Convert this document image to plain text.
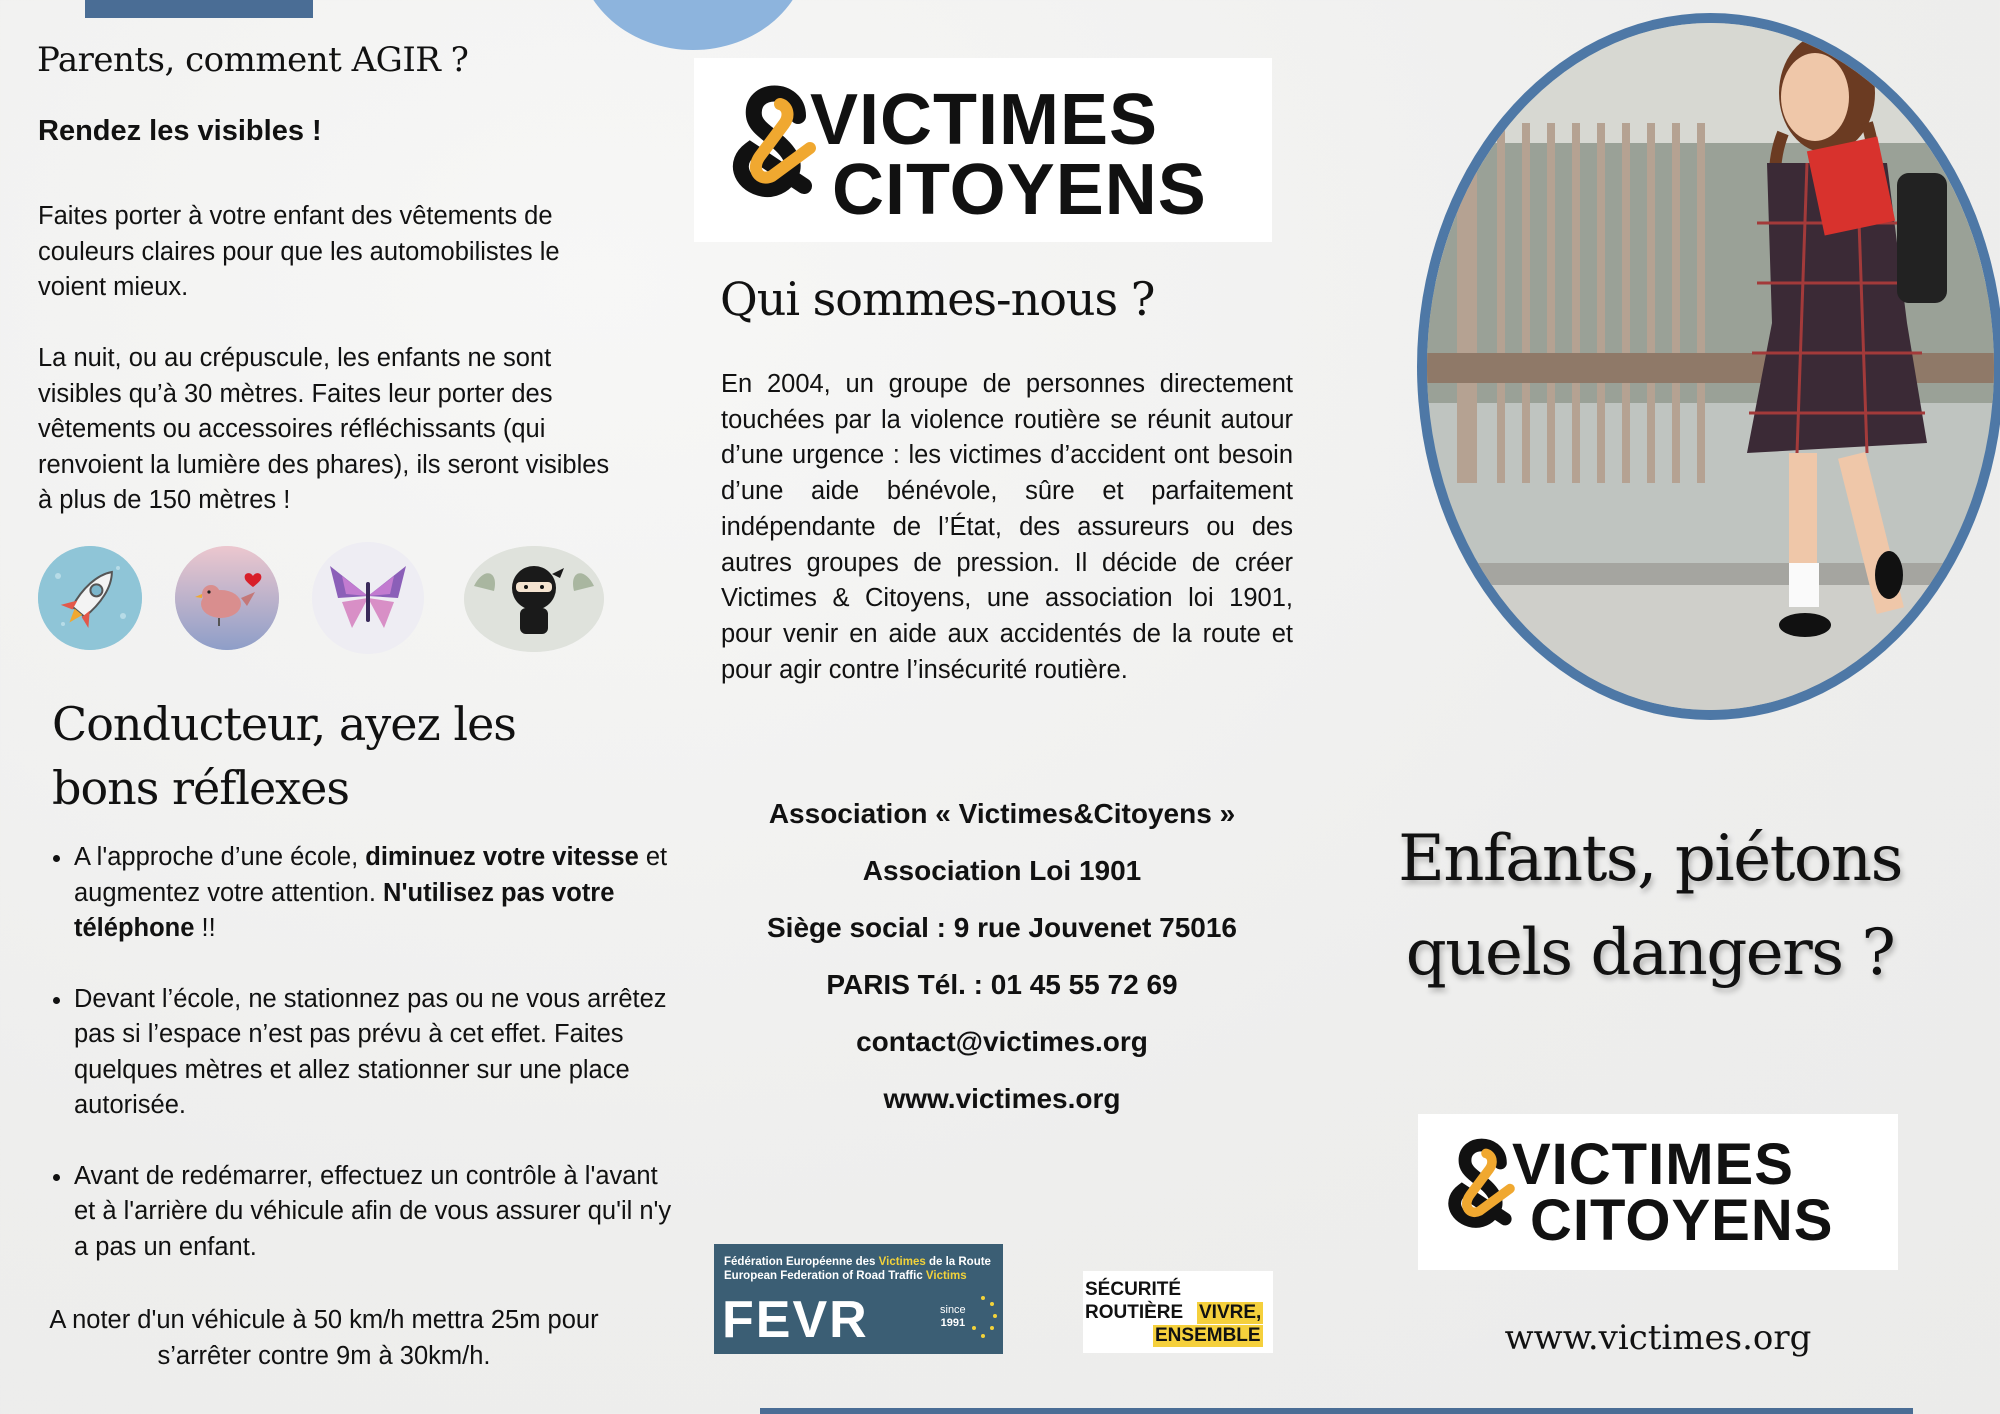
Parents, comment AGIR ?
Rendez les visibles !
Faites porter à votre enfant des vêtements de couleurs claires pour que les automobilistes le voient mieux.
La nuit, ou au crépuscule, les enfants ne sont visibles qu’à 30 mètres. Faites leur porter des vêtements ou accessoires réfléchissants (qui renvoient la lumière des phares), ils seront visibles à plus de 150 mètres !
Conducteur, ayez les
bons réflexes
• A l'approche d’une école, diminuez votre vitesse et augmentez votre attention. N'utilisez pas votre téléphone !!
• Devant l’école, ne stationnez pas ou ne vous arrêtez pas si l’espace n’est pas prévu à cet effet. Faites quelques mètres et allez stationner sur une place autorisée.
• Avant de redémarrer, effectuez un contrôle à l'avant et à l'arrière du véhicule afin de vous assurer qu'il n'y a pas un enfant.
A noter d'un véhicule à 50 km/h mettra 25m pour s’arrêter contre 9m à 30km/h.
VICTIMES
CITOYENS
Qui sommes-nous ?
En 2004, un groupe de personnes directement touchées par la violence routière se réunit autour d’une urgence : les victimes d’accident ont besoin d’une aide bénévole, sûre et parfaitement indépendante de l’État, des assureurs ou des autres groupes de pression. Il décide de créer Victimes & Citoyens, une association loi 1901, pour venir en aide aux accidentés de la route et pour agir contre l’insécurité routière.
Association « Victimes&Citoyens »
Association Loi 1901
Siège social : 9 rue Jouvenet 75016
PARIS Tél. : 01 45 55 72 69
contact@victimes.org
www.victimes.org
Fédération Européenne des Victimes de la Route
European Federation of Road Traffic Victims
FEVR	since
1991
SÉCURITÉ
ROUTIÈRE VIVRE,
ENSEMBLE
Enfants, piétons
quels dangers ?
VICTIMES
CITOYENS
www.victimes.org
